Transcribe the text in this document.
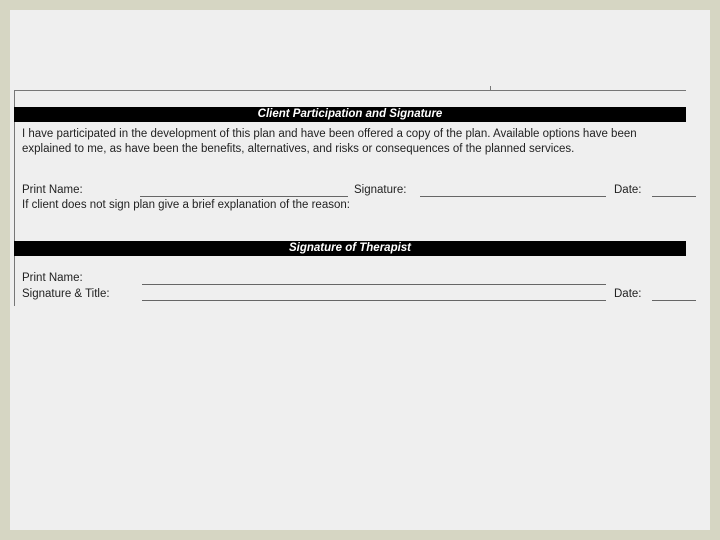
Client Participation and Signature
I have participated in the development of this plan and have been offered a copy of the plan. Available options have been explained to me, as have been the benefits, alternatives, and risks or consequences of the planned services.
Print Name:	Signature:	Date:
If client does not sign plan give a brief explanation of the reason:
Signature of Therapist
Print Name:
Signature & Title:	Date:
